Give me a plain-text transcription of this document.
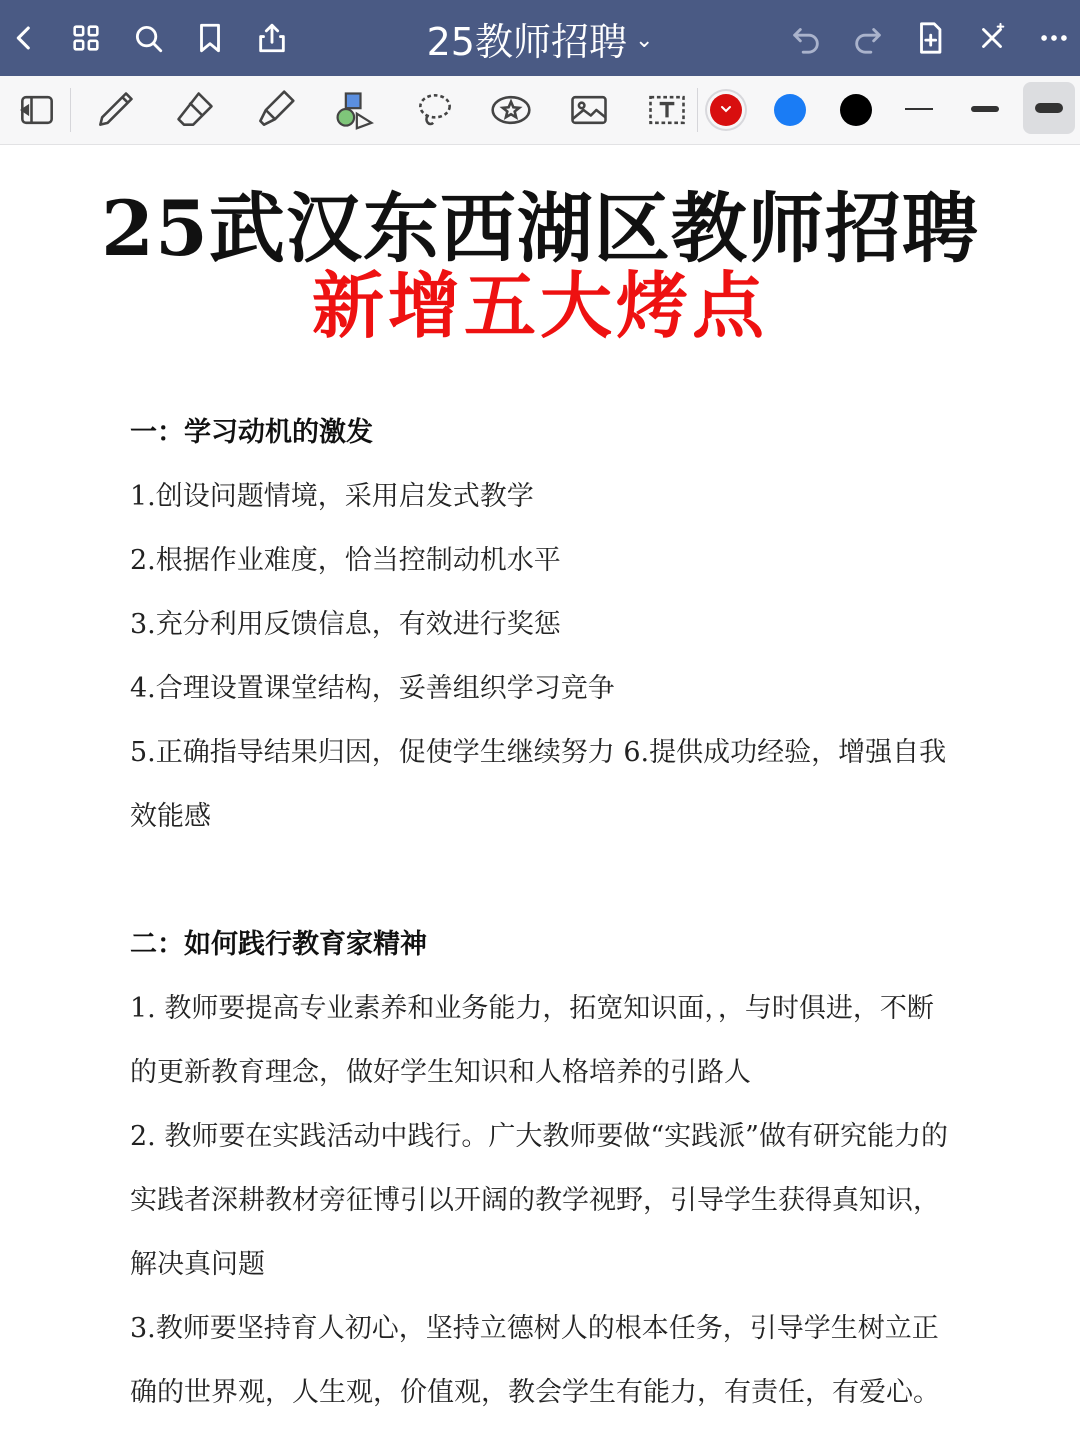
25教师招聘 ⌄
25武汉东西湖区教师招聘
新增五大烤点
一：学习动机的激发
1.创设问题情境，采用启发式教学
2.根据作业难度，恰当控制动机水平
3.充分利用反馈信息，有效进行奖惩
4.合理设置课堂结构，妥善组织学习竞争
5.正确指导结果归因，促使学生继续努力 6.提供成功经验，增强自我
效能感
二：如何践行教育家精神
1. 教师要提高专业素养和业务能力，拓宽知识面，，与时俱进，不断
的更新教育理念，做好学生知识和人格培养的引路人
2. 教师要在实践活动中践行。广大教师要做“实践派”做有研究能力的
实践者深耕教材旁征博引以开阔的教学视野，引导学生获得真知识，
解决真问题
3.教师要坚持育人初心，坚持立德树人的根本任务，引导学生树立正
确的世界观，人生观，价值观，教会学生有能力，有责任，有爱心。
